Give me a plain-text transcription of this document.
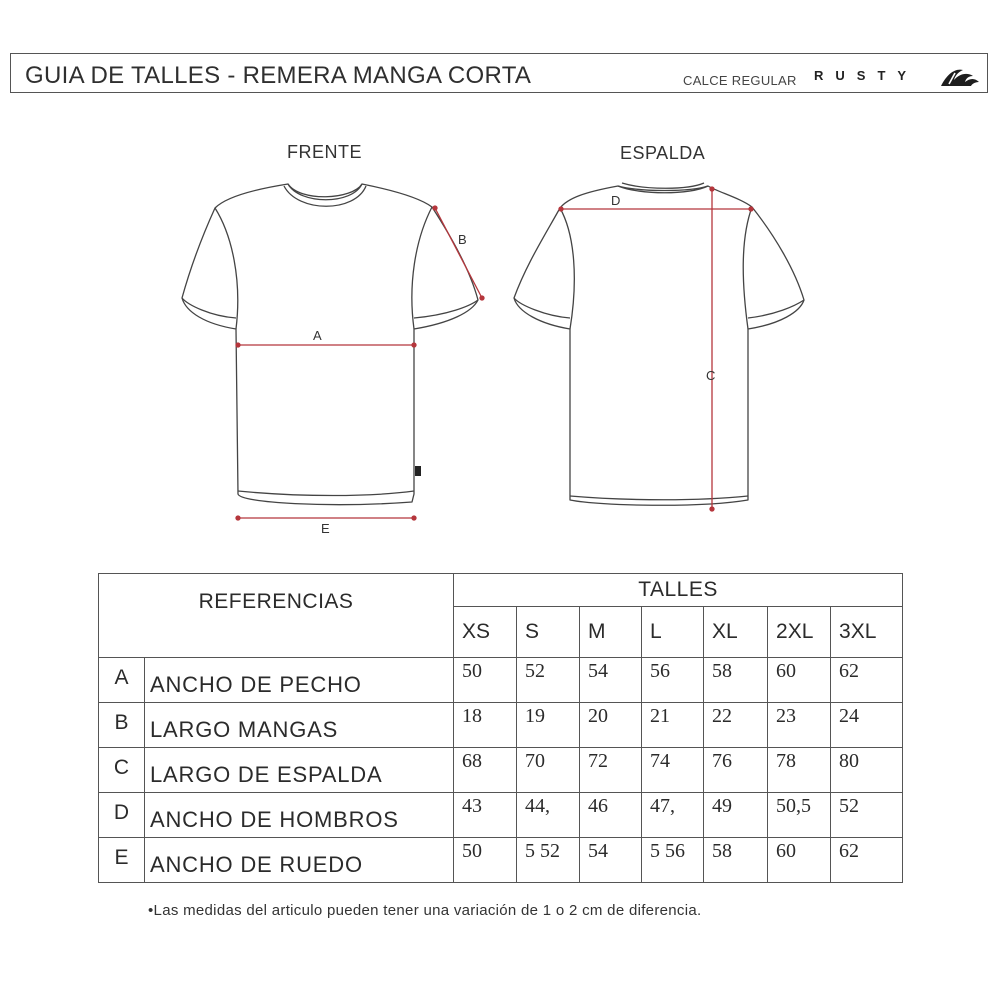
GUIA DE TALLES - REMERA MANGA CORTA	CALCE REGULAR RUSTY
FRENTE	ESPALDA
A
B
C
D
E
REFERENCIAS		TALLES						
		XS	S	M	L	XL	2XL	3XL
A	ANCHO DE PECHO	50	52	54	56	58	60	62
B	LARGO MANGAS	18	19	20	21	22	23	24
C	LARGO DE ESPALDA	68	70	72	74	76	78	80
D	ANCHO DE HOMBROS	43	44,	46	47,	49	50,5	52
E	ANCHO DE RUEDO	50	5 52	54	5 56	58	60	62
•Las medidas del articulo pueden tener una variación de 1 o 2 cm de diferencia.
